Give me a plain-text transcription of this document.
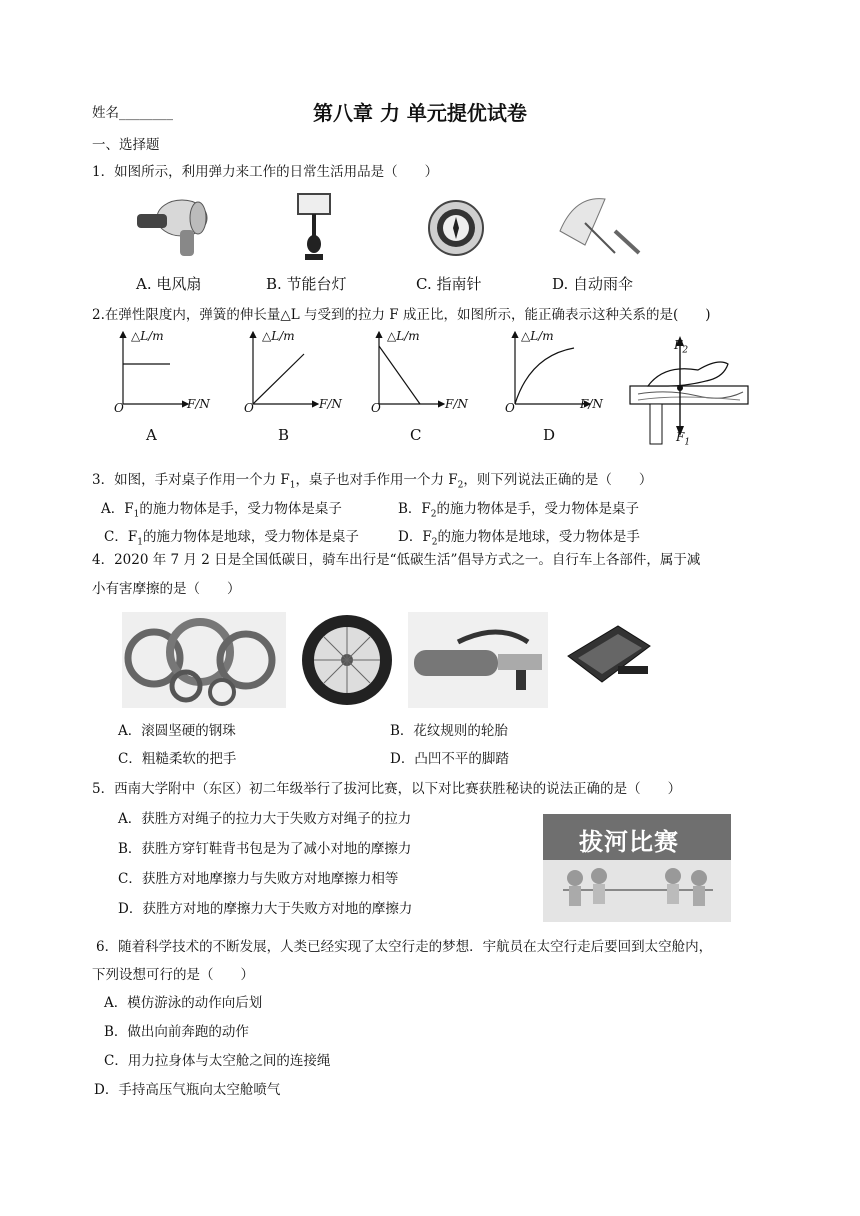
姓名________	第八章 力 单元提优试卷
一、选择题
1．如图所示，利用弹力来工作的日常生活用品是（　　）
A. 电风扇	B. 节能台灯	C. 指南针	D. 自动雨伞
2.在弹性限度内，弹簧的伸长量△L 与受到的拉力 F 成正比，如图所示，能正确表示这种关系的是(　　)
△L/m
F/N
O
A
△L/m
F/N
O
B
△L/m
F/N
O
C
△L/m
F/N
O
D
$F_2$
$F_1$
3．如图，手对桌子作用一个力 $F_1$，桌子也对手作用一个力 $F_2$，则下列说法正确的是（　　）
A．$F_1$的施力物体是手，受力物体是桌子	B．$F_2$的施力物体是手，受力物体是桌子
C．$F_1$的施力物体是地球，受力物体是桌子	D．$F_2$的施力物体是地球，受力物体是手
4．2020 年 7 月 2 日是全国低碳日，骑车出行是“低碳生活”倡导方式之一。自行车上各部件，属于减
小有害摩擦的是（　　）
A．滚圆坚硬的钢珠	B．花纹规则的轮胎
C．粗糙柔软的把手	D．凸凹不平的脚踏
5．西南大学附中（东区）初二年级举行了拔河比赛，以下对比赛获胜秘诀的说法正确的是（　　）
A．获胜方对绳子的拉力大于失败方对绳子的拉力
B．获胜方穿钉鞋背书包是为了减小对地的摩擦力
C．获胜方对地摩擦力与失败方对地摩擦力相等
D．获胜方对地的摩擦力大于失败方对地的摩擦力
拔河比赛
6．随着科学技术的不断发展，人类已经实现了太空行走的梦想．宇航员在太空行走后要回到太空舱内，
下列设想可行的是（　　）
A．模仿游泳的动作向后划
B．做出向前奔跑的动作
C．用力拉身体与太空舱之间的连接绳
D．手持高压气瓶向太空舱喷气
